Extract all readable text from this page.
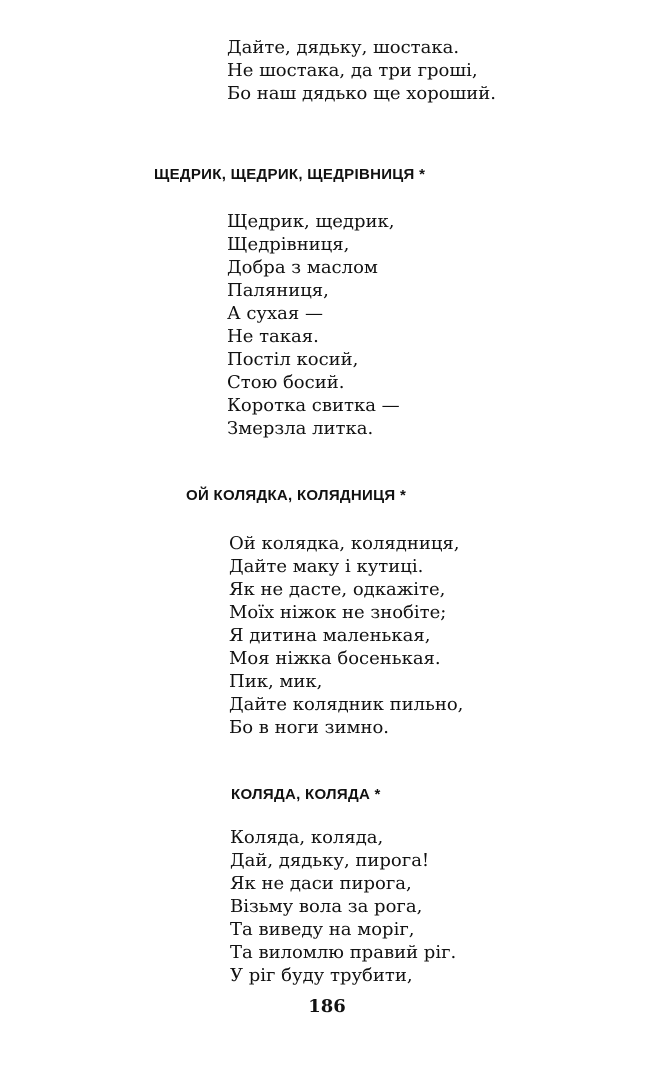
Дайте, дядьку, шостака.
Не шостака, да три гроші,
Бо наш дядько ще хороший.
ЩЕДРИК, ЩЕДРИК, ЩЕДРІВНИЦЯ *
Щедрик, щедрик,
Щедрівниця,
Добра з маслом
Паляниця,
А сухая —
Не такая.
Постіл косий,
Стою босий.
Коротка свитка —
Змерзла литка.
ОЙ КОЛЯДКА, КОЛЯДНИЦЯ *
Ой колядка, колядниця,
Дайте маку і кутиці.
Як не дасте, одкажіте,
Моїх ніжок не знобіте;
Я дитина маленькая,
Моя ніжка босенькая.
Пик, мик,
Дайте колядник пильно,
Бо в ноги зимно.
КОЛЯДА, КОЛЯДА *
Коляда, коляда,
Дай, дядьку, пирога!
Як не даси пирога,
Візьму вола за рога,
Та виведу на моріг,
Та виломлю правий ріг.
У ріг буду трубити,
186
